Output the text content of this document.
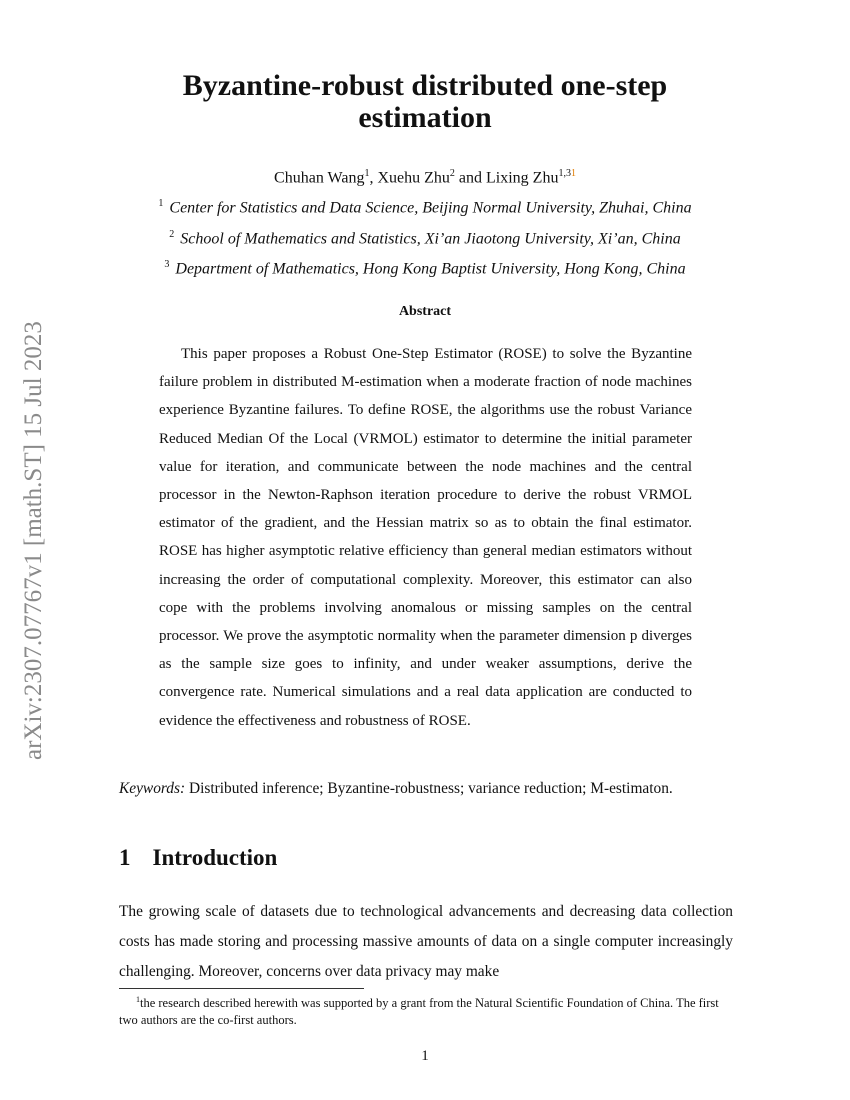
arXiv:2307.07767v1 [math.ST] 15 Jul 2023
Byzantine-robust distributed one-step
estimation
Chuhan Wang$^1$, Xuehu Zhu$^2$ and Lixing Zhu$^{1,31}$
$^1$ Center for Statistics and Data Science, Beijing Normal University, Zhuhai, China
$^2$ School of Mathematics and Statistics, Xi’an Jiaotong University, Xi’an, China
$^3$ Department of Mathematics, Hong Kong Baptist University, Hong Kong, China
Abstract
This paper proposes a Robust One-Step Estimator (ROSE) to solve the Byzantine failure problem in distributed M-estimation when a moderate fraction of node machines experience Byzantine failures. To define ROSE, the algorithms use the robust Variance Reduced Median Of the Local (VRMOL) estimator to determine the initial parameter value for iteration, and communicate between the node machines and the central processor in the Newton-Raphson iteration procedure to derive the robust VRMOL estimator of the gradient, and the Hessian matrix so as to obtain the final estimator. ROSE has higher asymptotic relative efficiency than general median estimators without increasing the order of computational complexity. Moreover, this estimator can also cope with the problems involving anomalous or missing samples on the central processor. We prove the asymptotic normality when the parameter dimension p diverges as the sample size goes to infinity, and under weaker assumptions, derive the convergence rate. Numerical simulations and a real data application are conducted to evidence the effectiveness and robustness of ROSE.
Keywords: Distributed inference; Byzantine-robustness; variance reduction; M-estimaton.
1 Introduction
The growing scale of datasets due to technological advancements and decreasing data collection costs has made storing and processing massive amounts of data on a single computer increasingly challenging. Moreover, concerns over data privacy may make
$^1$the research described herewith was supported by a grant from the Natural Scientific Foundation of China. The first two authors are the co-first authors.
1
